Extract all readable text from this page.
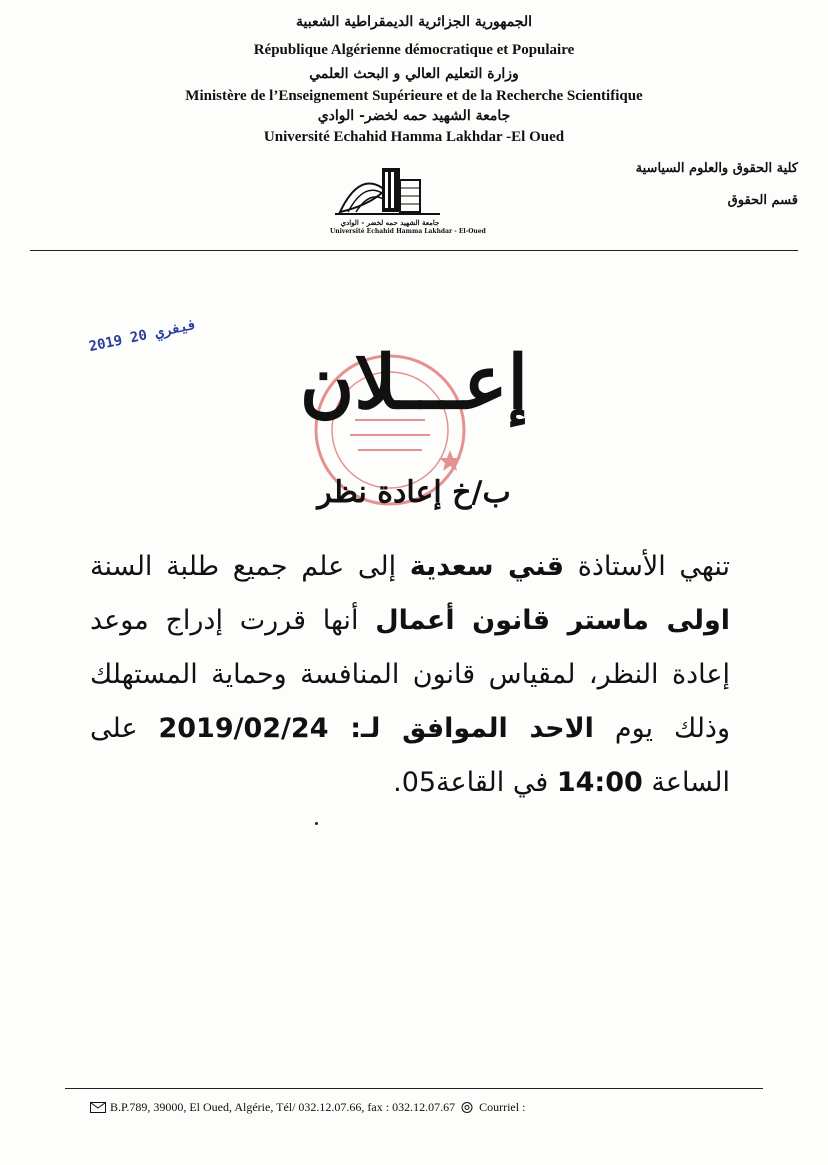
الجمهورية الجزائرية الديمقراطية الشعبية
République Algérienne démocratique et Populaire
وزارة التعليم العالي و البحث العلمي
Ministère de l’Enseignement Supérieure et de la Recherche Scientifique
جامعة الشهيد حمه لخضر- الوادي
Université Echahid Hamma Lakhdar -El Oued
كلية الحقوق والعلوم السياسية
قسم الحقوق
جامعة الشهيد حمه لخضر - الوادي
Université Echahid Hamma Lakhdar - El-Oued
2019 فيفري 20
إعـــلان
ب/خ إعادة نظر
تنهي الأستاذة قني سعدية إلى علم جميع طلبة السنة اولى ماستر قانون أعمال أنها قررت إدراج موعد إعادة النظر، لمقياس قانون المنافسة وحماية المستهلك وذلك يوم الاحد الموافق لـ: 2019/02/24 على الساعة 14:00 في القاعة05.
B.P.789, 39000, El Oued, Algérie, Tél/ 032.12.07.66, fax : 032.12.07.67 Courriel :
